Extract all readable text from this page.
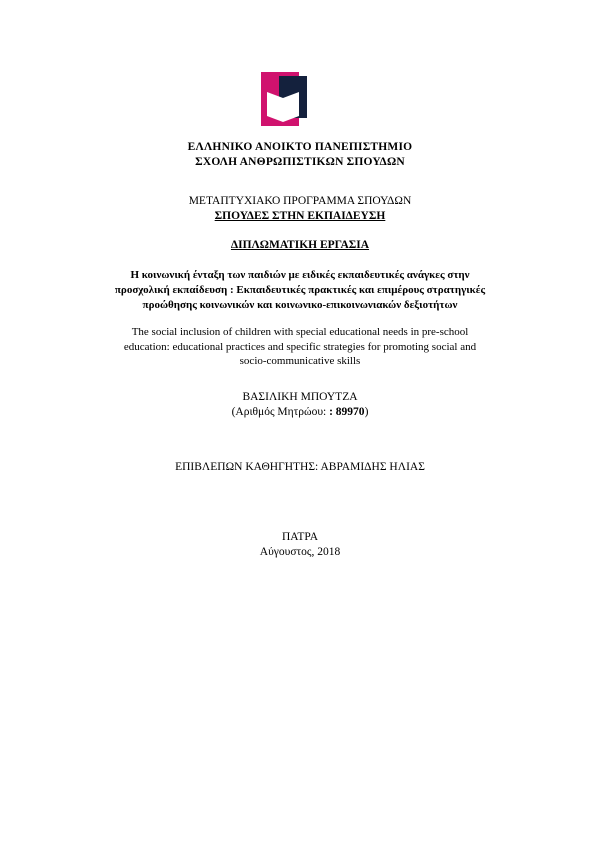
ΕΛΛΗΝΙΚΟ ΑΝΟΙΚΤΟ ΠΑΝΕΠΙΣΤΗΜΙΟ
ΣΧΟΛΗ ΑΝΘΡΩΠΙΣΤΙΚΩΝ ΣΠΟΥΔΩΝ
ΜΕΤΑΠΤΥΧΙΑΚΟ ΠΡΟΓΡΑΜΜΑ ΣΠΟΥΔΩΝ
ΣΠΟΥΔΕΣ ΣΤΗΝ ΕΚΠΑΙΔΕΥΣΗ
ΔΙΠΛΩΜΑΤΙΚΗ ΕΡΓΑΣΙΑ
Η κοινωνική ένταξη των παιδιών με ειδικές εκπαιδευτικές ανάγκες στην
προσχολική εκπαίδευση : Εκπαιδευτικές πρακτικές και επιμέρους στρατηγικές
προώθησης κοινωνικών και κοινωνικο-επικοινωνιακών δεξιοτήτων
The social inclusion of children with special educational needs in pre-school
education: educational practices and specific strategies for promoting social and
socio-communicative skills
ΒΑΣΙΛΙΚΗ ΜΠΟΥΤΖΑ
(Αριθμός Μητρώου: : 89970)
ΕΠΙΒΛΕΠΩΝ ΚΑΘΗΓΗΤΗΣ: ΑΒΡΑΜΙΔΗΣ ΗΛΙΑΣ
ΠΑΤΡΑ
Αύγουστος, 2018
